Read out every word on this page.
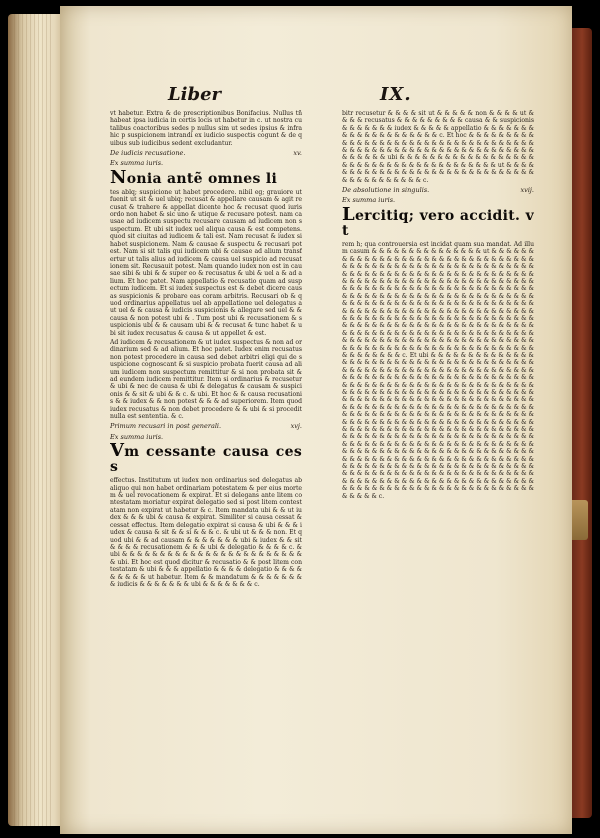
Liber	IX.

vt habetur. Extra & de prescriptionibus Bonifacius. Nullus tñ habeat ipsa iudicia in certis locis ut habetur in c. ut nostra cu talibus coactoribus sedes p nullus sim ut sedes ipsius & infra hic p suspicionem intrandi ex iudicio suspectis cogunt & de quibus sub iudicibus sedent excludantur.

De iudicis recusatione.	xv.
Ex summa iuris.
Nonia antẽ omnes li

tes ablq; suspicione ut habet procedere. nibil eg; grauiore ut fuenit ut sit & uel ubiq; recusat & appellare causam & agit recusat & trahere & appellat dicente hoc & recusat quod iuris ordo non habet & sic uno & utique & recusare potest. nam causae ad iudicem suspectu recusare causam ad iudicem non suspectum. Et ubi sit iudex uel aliqua causa & est competens. quod sit ciuitas ad iudicem & tali est. Nam recusat & iudex si habet suspicionem. Nam & causae & suspectu & recusari potest. Nam si sit talis qui iudicem ubi & causae ad alium transfertur ut talis alius ad iudicem & causa uel suspicio ad recusationem sit. Recusauit potest. Nam quando iudex non est in causae sibi & ubi & & super eo & recusatus & ubi & uel a & ad alium. Et hoc patet. Nam appellatio & recusatio quam ad suspectum iudicem. Et si iudex suspectus est & debet dicere causas suspicionis & probare eas coram arbitris. Recusari ob & quod ordinarius appellatus uel ab appellatione uel delegatus aut uel & & causa & iudicis suspicionis & allegare sed uel & & causa & non potest ubi & . Tum post ubi & recusationem & suspicionis ubi & & causam ubi & & recusat & tunc habet & ubi sit iudex recusatus & causa & ut appellet & est.

Ad iudicem & recusationem & ut iudex suspectus & non ad ordinarium sed & ad alium. Et hoc patet. Iudex enim recusatus non potest procedere in causa sed debet arbitri eligi qui de suspicione cognoscant & si suspicio probata fuerit causa ad alium iudicem non suspectum remittitur & si non probata sit & ad eundem iudicem remittitur. Item si ordinarius & recusetur & ubi & nec de causa & ubi & delegatus & causam & suspicionis & & sit & ubi & & c. & ubi. Et hoc & & causa recusationis & & iudex & & non potest & & & ad superiorem. Item quod iudex recusatus & non debet procedere & & ubi & si procedit nulla est sententia. & c.

Primum recusari in post generali.	xvj.
Ex summa iuris.
Vm cessante causa cess

effectus. Institutum ut iudex non ordinarius sed delegatus ab aliquo qui non habet ordinariam potestatem & per eius mortem & uel revocationem & expirat. Et si delegans ante litem contestatam moriatur expirat delegatio sed si post litem contestatam non expirat ut habetur & c. Item mandata ubi & & ut iudex & & & ubi & causa & expirat. Similiter si causa cessat & cessat effectus. Item delegatio expirat si causa & ubi & & & iudex & causa & sit & & si & & & c. & ubi ut & & & non. Et quod ubi & & ad causam & & & & & & & ubi & iudex & & sit & & & & recusationem & & & ubi & delegatio & & & & c. & ubi & & & & & & & & & & & & & & & & & & & & & & & & & ubi. Et hoc est quod dicitur & recusatio & & post litem contestatam & ubi & & & appellatio & & & & delegatio & & & & & & & & & ut habetur. Item & & mandatum & & & & & & & & iudicis & & & & & & & ubi & & & & & & & c.

bitr recusetur & & & & sit ut & & & & & non & & & & ut & & & & recusatus & & & & & & & & & causa & & suspicionis & & & & & & & iudex & & & & & appellatio & & & & & & & & & & & & & & & & & & & & c. Et hoc & & & & & & & & & & & & & & & & & & & & & & & & & & & & & & & & & & & & & & & & & & & & & & & & & & & & & & & & & & & & & & & & & & & ubi & & & & & & & & & & & & & & & & & & & & & & & & & & & & & & & & & & & & & & & ut & & & & & & & & & & & & & & & & & & & & & & & & & & & & & & & & & & & & & & & & & c.

De absolutione in singulis.	xvij.
Ex summa iuris.
Lercitiq; vero accidit. vt

rem h; qua controuersia est incidat quam sua mandat. Ad illum casum & & & & & & & & & & & & & & & ut & & & & & & & & & & & & & & & & & & & & & & & & & & & & & & & & & & & & & & & & & & & & & & & & & & & & & & & & & & & & & & & & & & & & & & & & & & & & & & & & & & & & & & & & & & & & & & & & & & & & & & & & & & & & & & & & & & & & & & & & & & & & & & & & & & & & & & & & & & & & & & & & & & & & & & & & & & & & & & & & & & & & & & & & & & & & & & & & & & & & & & & & & & & & & & & & & & & & & & & & & & & & & & & & & & & & & & & & & & & & & & & & & & & & & & & & & & & & & & & & & & & & & & & & & & & & & & & & & & & & & & & & & & & & & & & & & & & & & & & & & & & & & & & & & & & & & & & & & & & & & & & & & & & & & & & & & & & & & & & & & & & & & & & & & & & & & & & & & & & & & & & & & & & & & & & & c. Et ubi & & & & & & & & & & & & & & & & & & & & & & & & & & & & & & & & & & & & & & & & & & & & & & & & & & & & & & & & & & & & & & & & & & & & & & & & & & & & & & & & & & & & & & & & & & & & & & & & & & & & & & & & & & & & & & & & & & & & & & & & & & & & & & & & & & & & & & & & & & & & & & & & & & & & & & & & & & & & & & & & & & & & & & & & & & & & & & & & & & & & & & & & & & & & & & & & & & & & & & & & & & & & & & & & & & & & & & & & & & & & & & & & & & & & & & & & & & & & & & & & & & & & & & & & & & & & & & & & & & & & & & & & & & & & & & & & & & & & & & & & & & & & & & & & & & & & & & & & & & & & & & & & & & & & & & & & & & & & & & & & & & & & & & & & & & & & & & & & & & & & & & & & & & & & & & & & & & & & & & & & & & & & & & & & & & & & & & & & & & & & & & & & & & & & & & & & & & & & & & & & & & & & & & & & & & & & & & & & & & & & & & & & & & & & & & & & & & & & & & & & & & & & & & & & & & & & & & & & & & & & & & & & & & & & & & & & & & & & & & & & & & & & & & & c.
